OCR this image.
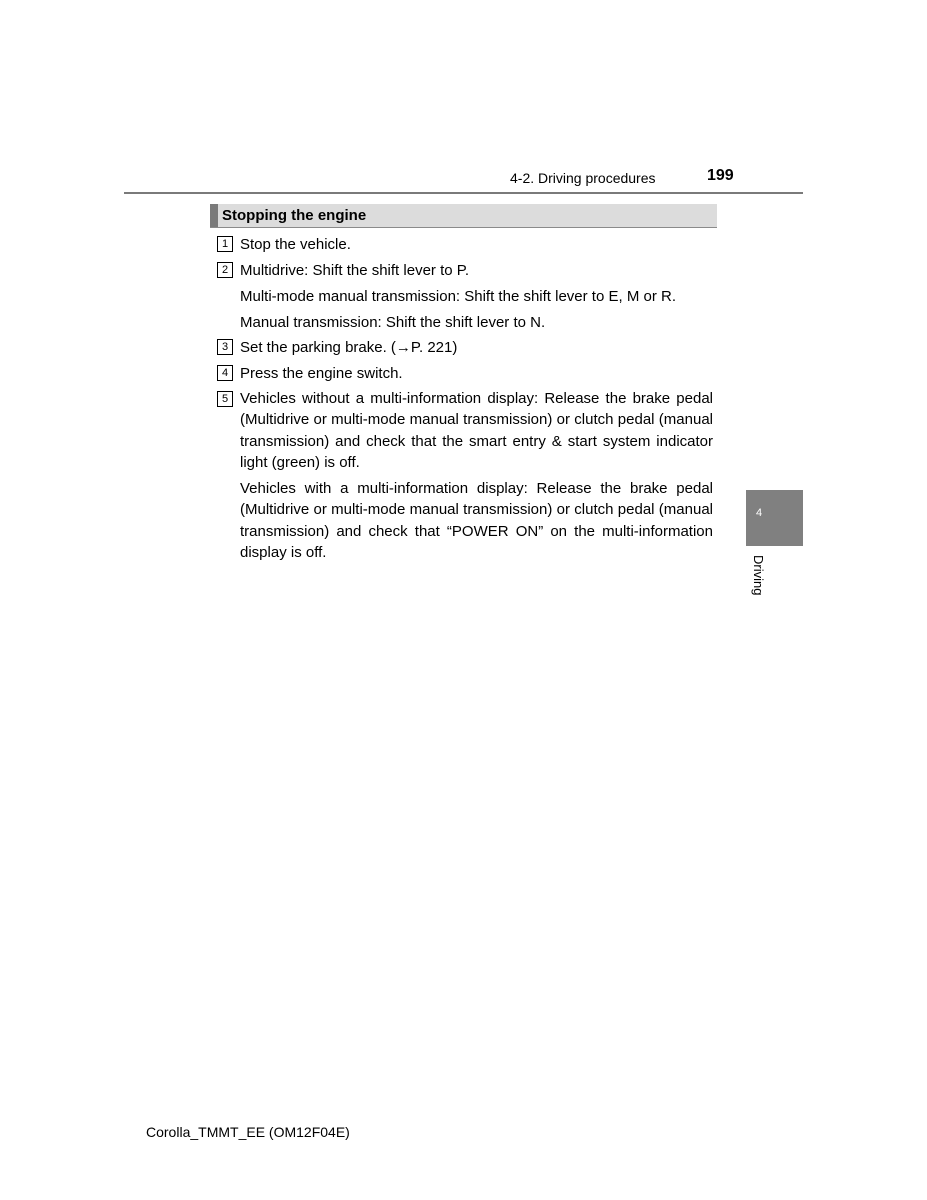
4-2. Driving procedures	199
Stopping the engine
1 Stop the vehicle.
2 Multidrive: Shift the shift lever to P.
Multi-mode manual transmission: Shift the shift lever to E, M or R.
Manual transmission: Shift the shift lever to N.
3 Set the parking brake. (→P. 221)
4 Press the engine switch.
5 Vehicles without a multi-information display: Release the brake pedal (Multidrive or multi-mode manual transmission) or clutch pedal (manual transmission) and check that the smart entry & start system indicator light (green) is off.
Vehicles with a multi-information display: Release the brake pedal (Multidrive or multi-mode manual transmission) or clutch pedal (manual transmission) and check that “POWER ON” on the multi-information display is off.
4
Driving
Corolla_TMMT_EE (OM12F04E)
